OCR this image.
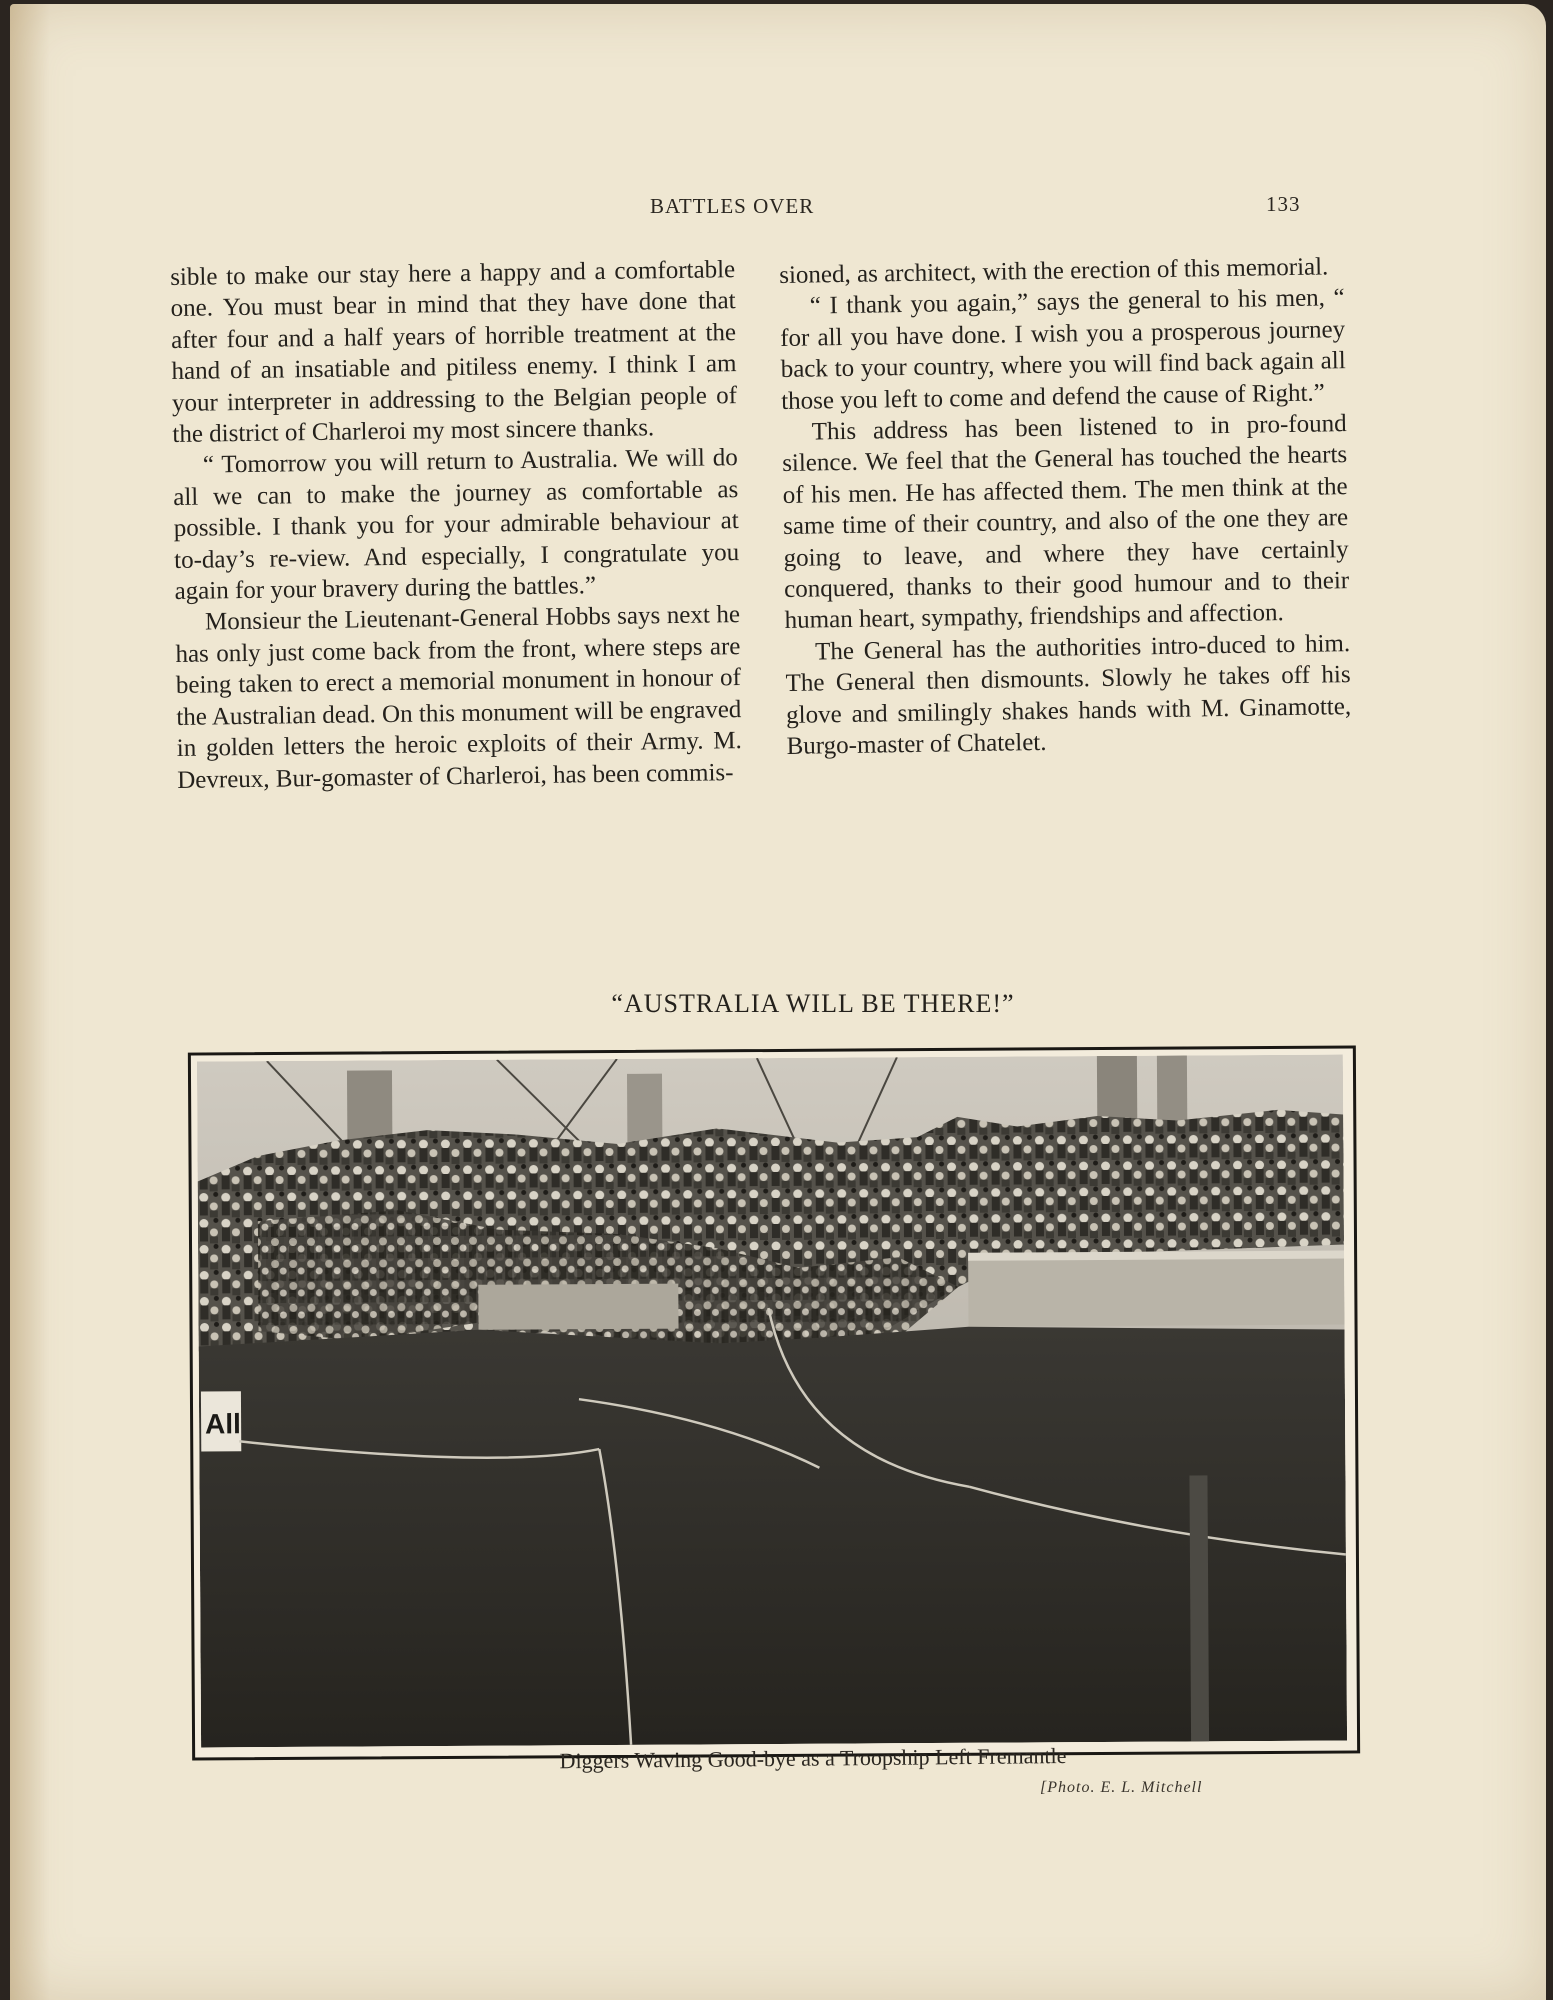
BATTLES OVER	133

sible to make our stay here a happy and a comfortable one. You must bear in mind that they have done that after four and a half years of horrible treatment at the hand of an insatiable and pitiless enemy. I think I am your interpreter in addressing to the Belgian people of the district of Charleroi my most sincere thanks.

“ Tomorrow you will return to Australia. We will do all we can to make the journey as comfortable as possible. I thank you for your admirable behaviour at to-day’s re-view. And especially, I congratulate you again for your bravery during the battles.”

Monsieur the Lieutenant-General Hobbs says next he has only just come back from the front, where steps are being taken to erect a memorial monument in honour of the Australian dead. On this monument will be engraved in golden letters the heroic exploits of their Army. M. Devreux, Bur-gomaster of Charleroi, has been commis-

sioned, as architect, with the erection of this memorial.

“ I thank you again,” says the general to his men, “ for all you have done. I wish you a prosperous journey back to your country, where you will find back again all those you left to come and defend the cause of Right.”

This address has been listened to in pro-found silence. We feel that the General has touched the hearts of his men. He has affected them. The men think at the same time of their country, and also of the one they are going to leave, and where they have certainly conquered, thanks to their good humour and to their human heart, sympathy, friendships and affection.

The General has the authorities intro-duced to him. The General then dismounts. Slowly he takes off his glove and smilingly shakes hands with M. Ginamotte, Burgo-master of Chatelet.

“AUSTRALIA WILL BE THERE!”
All
Diggers Waving Good-bye as a Troopship Left Fremantle
[Photo. E. L. Mitchell
